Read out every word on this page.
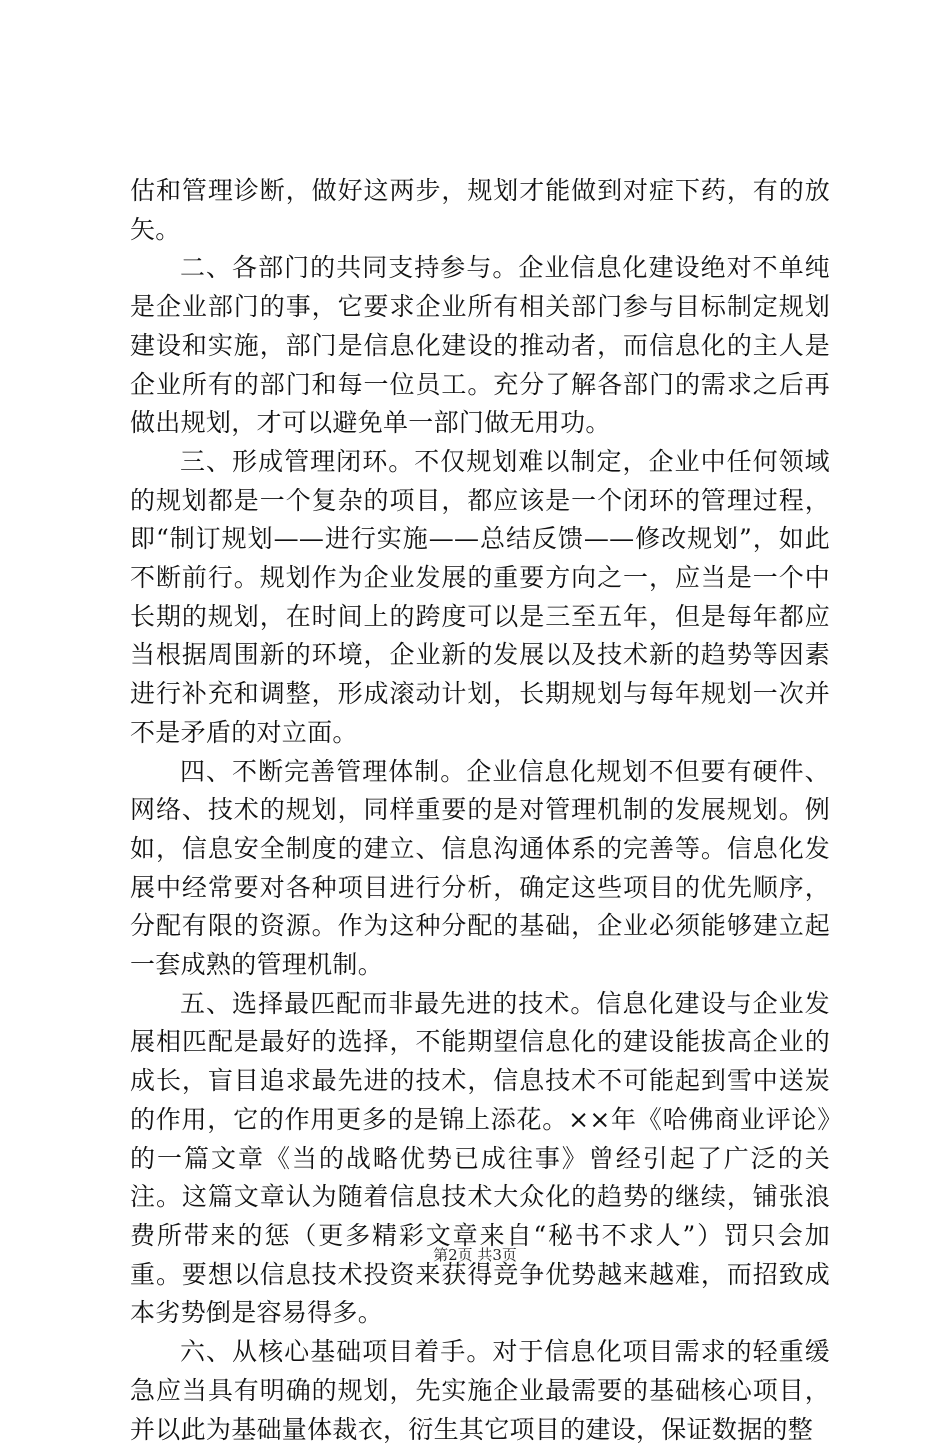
估和管理诊断，做好这两步，规划才能做到对症下药，有的放矢。

二、各部门的共同支持参与。企业信息化建设绝对不单纯是企业部门的事，它要求企业所有相关部门参与目标制定规划建设和实施，部门是信息化建设的推动者，而信息化的主人是企业所有的部门和每一位员工。充分了解各部门的需求之后再做出规划，才可以避免单一部门做无用功。

三、形成管理闭环。不仅规划难以制定，企业中任何领域的规划都是一个复杂的项目，都应该是一个闭环的管理过程，即“制订规划——进行实施——总结反馈——修改规划”，如此不断前行。规划作为企业发展的重要方向之一，应当是一个中长期的规划，在时间上的跨度可以是三至五年，但是每年都应当根据周围新的环境，企业新的发展以及技术新的趋势等因素进行补充和调整，形成滚动计划，长期规划与每年规划一次并不是矛盾的对立面。

四、不断完善管理体制。企业信息化规划不但要有硬件、网络、技术的规划，同样重要的是对管理机制的发展规划。例如，信息安全制度的建立、信息沟通体系的完善等。信息化发展中经常要对各种项目进行分析，确定这些项目的优先顺序，分配有限的资源。作为这种分配的基础，企业必须能够建立起一套成熟的管理机制。

五、选择最匹配而非最先进的技术。信息化建设与企业发展相匹配是最好的选择，不能期望信息化的建设能拔高企业的成长，盲目追求最先进的技术，信息技术不可能起到雪中送炭的作用，它的作用更多的是锦上添花。××年《哈佛商业评论》的一篇文章《当的战略优势已成往事》曾经引起了广泛的关注。这篇文章认为随着信息技术大众化的趋势的继续，铺张浪费所带来的惩（更多精彩文章来自“秘书不求人”）罚只会加重。要想以信息技术投资来获得竞争优势越来越难，而招致成本劣势倒是容易得多。

六、从核心基础项目着手。对于信息化项目需求的轻重缓急应当具有明确的规划，先实施企业最需要的基础核心项目，并以此为基础量体裁衣，衍生其它项目的建设，保证数据的整

第2页 共3页
